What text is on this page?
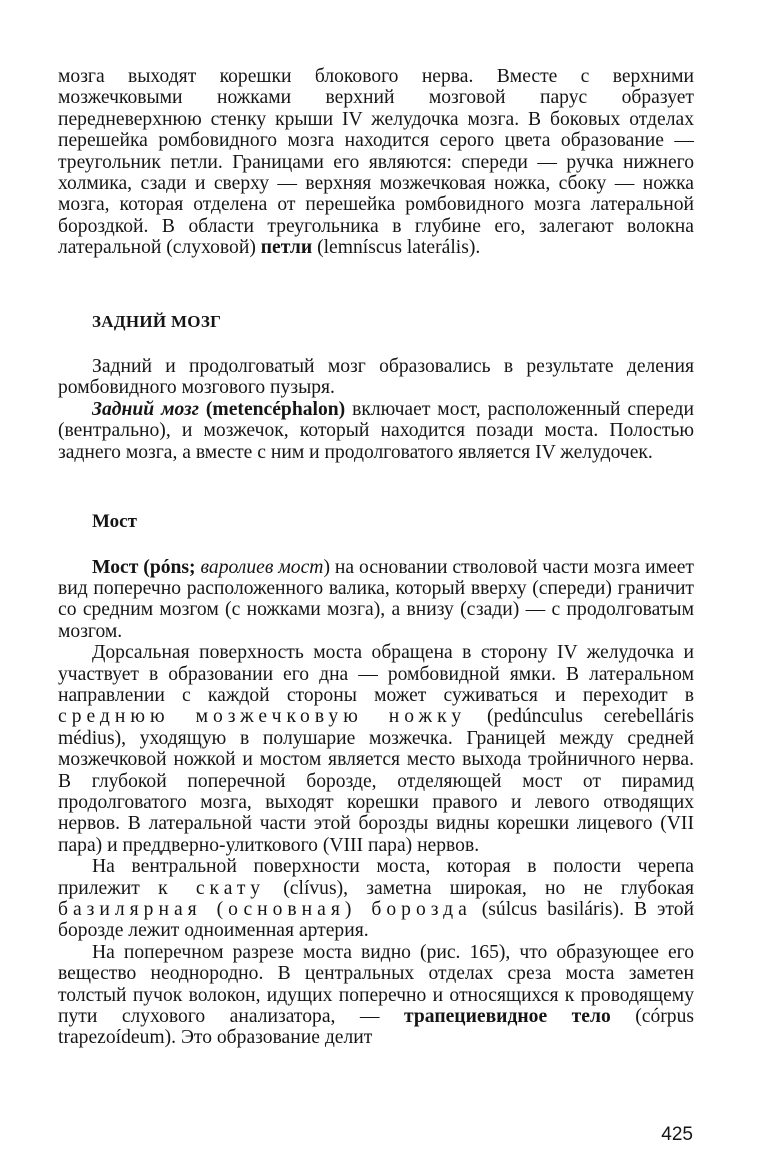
мозга выходят корешки блокового нерва. Вместе с верхними мозжечковыми ножками верхний мозговой парус образует передневерхнюю стенку крыши IV желудочка мозга. В боковых отделах перешейка ромбовидного мозга находится серого цвета образование — треугольник петли. Границами его являются: спереди — ручка нижнего холмика, сзади и сверху — верхняя мозжечковая ножка, сбоку — ножка мозга, которая отделена от перешейка ромбовидного мозга латеральной бороздкой. В области треугольника в глубине его, залегают волокна латеральной (слуховой) петли (lemníscus laterális).

ЗАДНИЙ МОЗГ

Задний и продолговатый мозг образовались в результате деления ромбовидного мозгового пузыря.

Задний мозг (metencéphalon) включает мост, расположенный спереди (вентрально), и мозжечок, который находится позади моста. Полостью заднего мозга, а вместе с ним и продолговатого является IV желудочек.

Мост

Мост (póns; варолиев мост) на основании стволовой части мозга имеет вид поперечно расположенного валика, который вверху (спереди) граничит со средним мозгом (с ножками мозга), а внизу (сзади) — с продолговатым мозгом.

Дорсальная поверхность моста обращена в сторону IV желудочка и участвует в образовании его дна — ромбовидной ямки. В латеральном направлении с каждой стороны может суживаться и переходит в среднюю мозжечковую ножку (pedúnculus cerebelláris médius), уходящую в полушарие мозжечка. Границей между средней мозжечковой ножкой и мостом является место выхода тройничного нерва. В глубокой поперечной борозде, отделяющей мост от пирамид продолговатого мозга, выходят корешки правого и левого отводящих нервов. В латеральной части этой борозды видны корешки лицевого (VII пара) и преддверно-улиткового (VIII пара) нервов.

На вентральной поверхности моста, которая в полости черепа прилежит к скату (clívus), заметна широкая, но не глубокая базилярная (основная) борозда (súlcus basiláris). В этой борозде лежит одноименная артерия.

На поперечном разрезе моста видно (рис. 165), что образующее его вещество неоднородно. В центральных отделах среза моста заметен толстый пучок волокон, идущих поперечно и относящихся к проводящему пути слухового анализатора, — трапециевидное тело (córpus trapezoídeum). Это образование делит

425
